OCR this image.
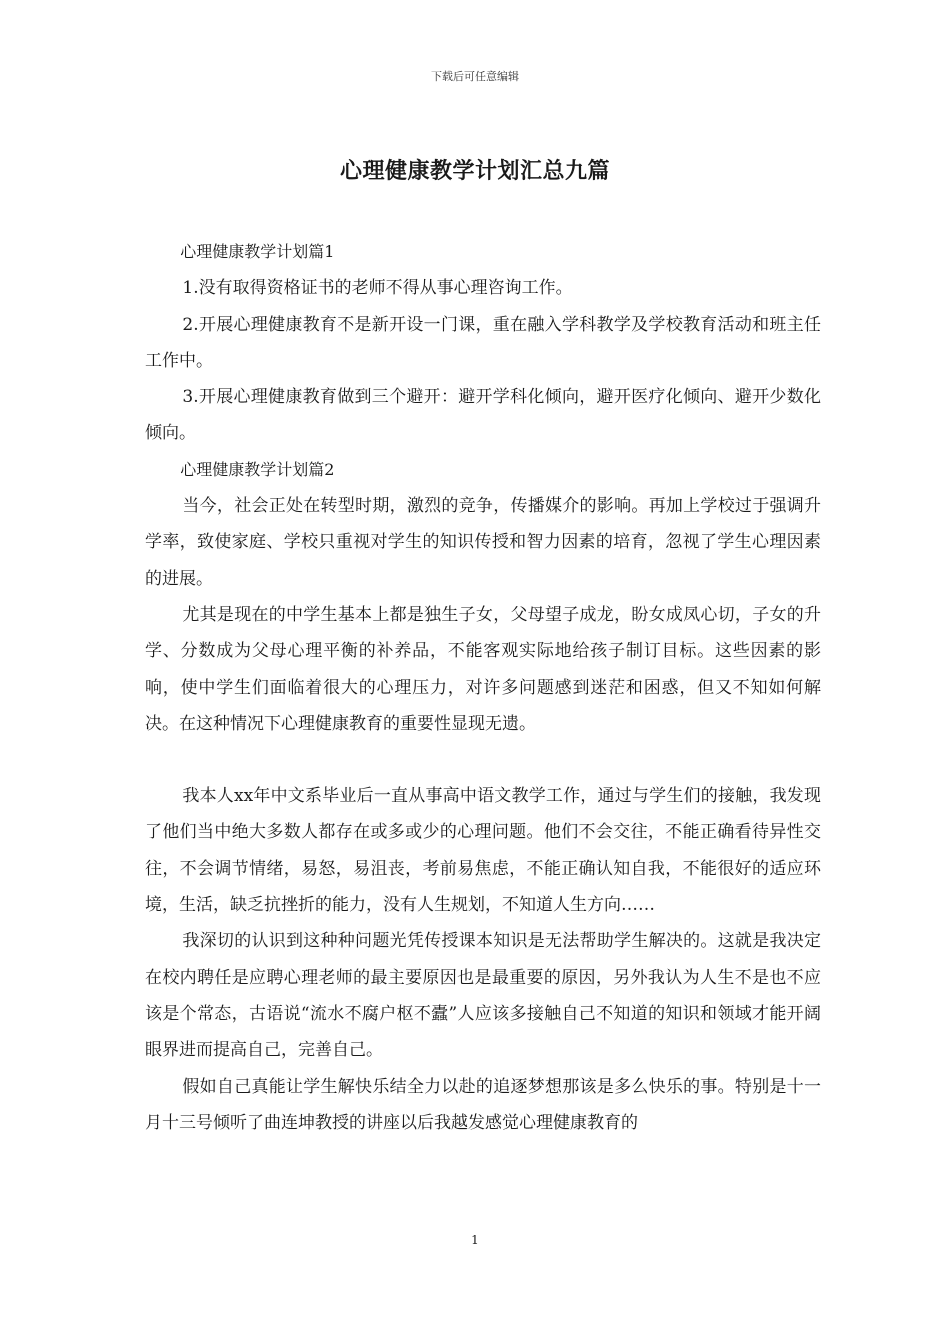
下载后可任意编辑
心理健康教学计划汇总九篇

心理健康教学计划篇1

1.没有取得资格证书的老师不得从事心理咨询工作。

2.开展心理健康教育不是新开设一门课，重在融入学科教学及学校教育活动和班主任工作中。

3.开展心理健康教育做到三个避开：避开学科化倾向，避开医疗化倾向、避开少数化倾向。

心理健康教学计划篇2

当今，社会正处在转型时期，激烈的竞争，传播媒介的影响。再加上学校过于强调升学率，致使家庭、学校只重视对学生的知识传授和智力因素的培育，忽视了学生心理因素的进展。

尤其是现在的中学生基本上都是独生子女，父母望子成龙，盼女成凤心切，子女的升学、分数成为父母心理平衡的补养品，不能客观实际地给孩子制订目标。这些因素的影响，使中学生们面临着很大的心理压力，对许多问题感到迷茫和困惑，但又不知如何解决。在这种情况下心理健康教育的重要性显现无遗。

我本人xx年中文系毕业后一直从事高中语文教学工作，通过与学生们的接触，我发现了他们当中绝大多数人都存在或多或少的心理问题。他们不会交往，不能正确看待异性交往，不会调节情绪，易怒，易沮丧，考前易焦虑，不能正确认知自我，不能很好的适应环境，生活，缺乏抗挫折的能力，没有人生规划，不知道人生方向……

我深切的认识到这种种问题光凭传授课本知识是无法帮助学生解决的。这就是我决定在校内聘任是应聘心理老师的最主要原因也是最重要的原因，另外我认为人生不是也不应该是个常态，古语说“流水不腐户枢不蠹”人应该多接触自己不知道的知识和领域才能开阔眼界进而提高自己，完善自己。

假如自己真能让学生解快乐结全力以赴的追逐梦想那该是多么快乐的事。特别是十一月十三号倾听了曲连坤教授的讲座以后我越发感觉心理健康教育的

1
